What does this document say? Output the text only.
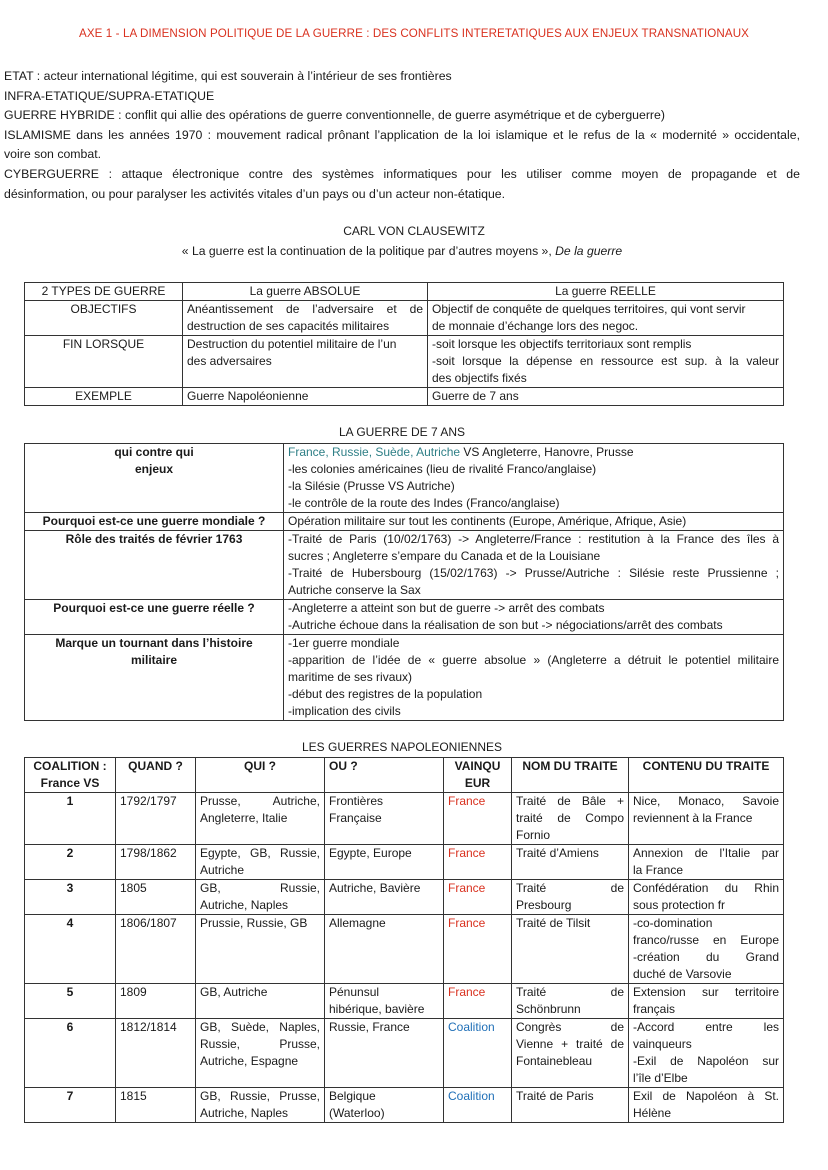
AXE 1 - LA DIMENSION POLITIQUE DE LA GUERRE : DES CONFLITS INTERETATIQUES AUX ENJEUX TRANSNATIONAUX

ETAT : acteur international légitime, qui est souverain à l’intérieur de ses frontières

INFRA-ETATIQUE/SUPRA-ETATIQUE

GUERRE HYBRIDE : conflit qui allie des opérations de guerre conventionnelle, de guerre asymétrique et de cyberguerre)

ISLAMISME dans les années 1970 : mouvement radical prônant l’application de la loi islamique et le refus de la « modernité » occidentale,

voire son combat.

CYBERGUERRE : attaque électronique contre des systèmes informatiques pour les utiliser comme moyen de propagande et de

désinformation, ou pour paralyser les activités vitales d’un pays ou d’un acteur non-étatique.

CARL VON CLAUSEWITZ
« La guerre est la continuation de la politique par d’autres moyens », De la guerre
2 TYPES DE GUERRE	La guerre ABSOLUE	La guerre REELLE
OBJECTIFS	Anéantissement de l’adversaire et de
destruction de ses capacités militaires	Objectif de conquête de quelques territoires, qui vont servir
de monnaie d’échange lors des negoc.

FIN LORSQUE	Destruction du potentiel militaire de l’un
des adversaires	-soit lorsque les objectifs territoriaux sont remplis
-soit lorsque la dépense en ressource est sup. à la valeur
des objectifs fixés

EXEMPLE	Guerre Napoléonienne	Guerre de 7 ans
LA GUERRE DE 7 ANS
qui contre qui
enjeux	France, Russie, Suède, Autriche VS Angleterre, Hanovre, Prusse
-les colonies américaines (lieu de rivalité Franco/anglaise)
-la Silésie (Prusse VS Autriche)
-le contrôle de la route des Indes (Franco/anglaise)

Pourquoi est-ce une guerre mondiale ?	Opération militaire sur tout les continents (Europe, Amérique, Afrique, Asie)
Rôle des traités de février 1763	-Traité de Paris (10/02/1763) -> Angleterre/France : restitution à la France des îles à
sucres ; Angleterre s’empare du Canada et de la Louisiane
-Traité de Hubersbourg (15/02/1763) -> Prusse/Autriche : Silésie reste Prussienne ;
Autriche conserve la Sax

Pourquoi est-ce une guerre réelle ?	-Angleterre a atteint son but de guerre -> arrêt des combats
-Autriche échoue dans la réalisation de son but -> négociations/arrêt des combats

Marque un tournant dans l’histoire
militaire	-1er guerre mondiale
-apparition de l’idée de « guerre absolue » (Angleterre a détruit le potentiel militaire
maritime de ses rivaux)
-début des registres de la population
-implication des civils
LES GUERRES NAPOLEONIENNES
COALITION :
France VS	QUAND ?	QUI ?	OU ?	VAINQU
EUR	NOM DU TRAITE	CONTENU DU TRAITE
1	1792/1797	Prusse, Autriche,
Angleterre, Italie	Frontières
Française	France	Traité de Bâle +
traité de Compo
Fornio	Nice, Monaco, Savoie
reviennent à la France

2	1798/1862	Egypte, GB, Russie,
Autriche	Egypte, Europe	France	Traité d’Amiens	Annexion de l’Italie par
la France

3	1805	GB, Russie,
Autriche, Naples	Autriche, Bavière	France	Traité de
Presbourg	Confédération du Rhin
sous protection fr

4	1806/1807	Prussie, Russie, GB	Allemagne	France	Traité de Tilsit	-co-domination
franco/russe en Europe
-création du Grand
duché de Varsovie

5	1809	GB, Autriche	Pénunsul
hibérique, bavière	France	Traité de
Schönbrunn	Extension sur territoire
français

6	1812/1814	GB, Suède, Naples,
Russie, Prusse,
Autriche, Espagne	Russie, France	Coalition	Congrès de
Vienne + traité de
Fontainebleau	-Accord entre les
vainqueurs
-Exil de Napoléon sur
l’île d’Elbe

7	1815	GB, Russie, Prusse,
Autriche, Naples	Belgique
(Waterloo)	Coalition	Traité de Paris	Exil de Napoléon à St.
Hélène
